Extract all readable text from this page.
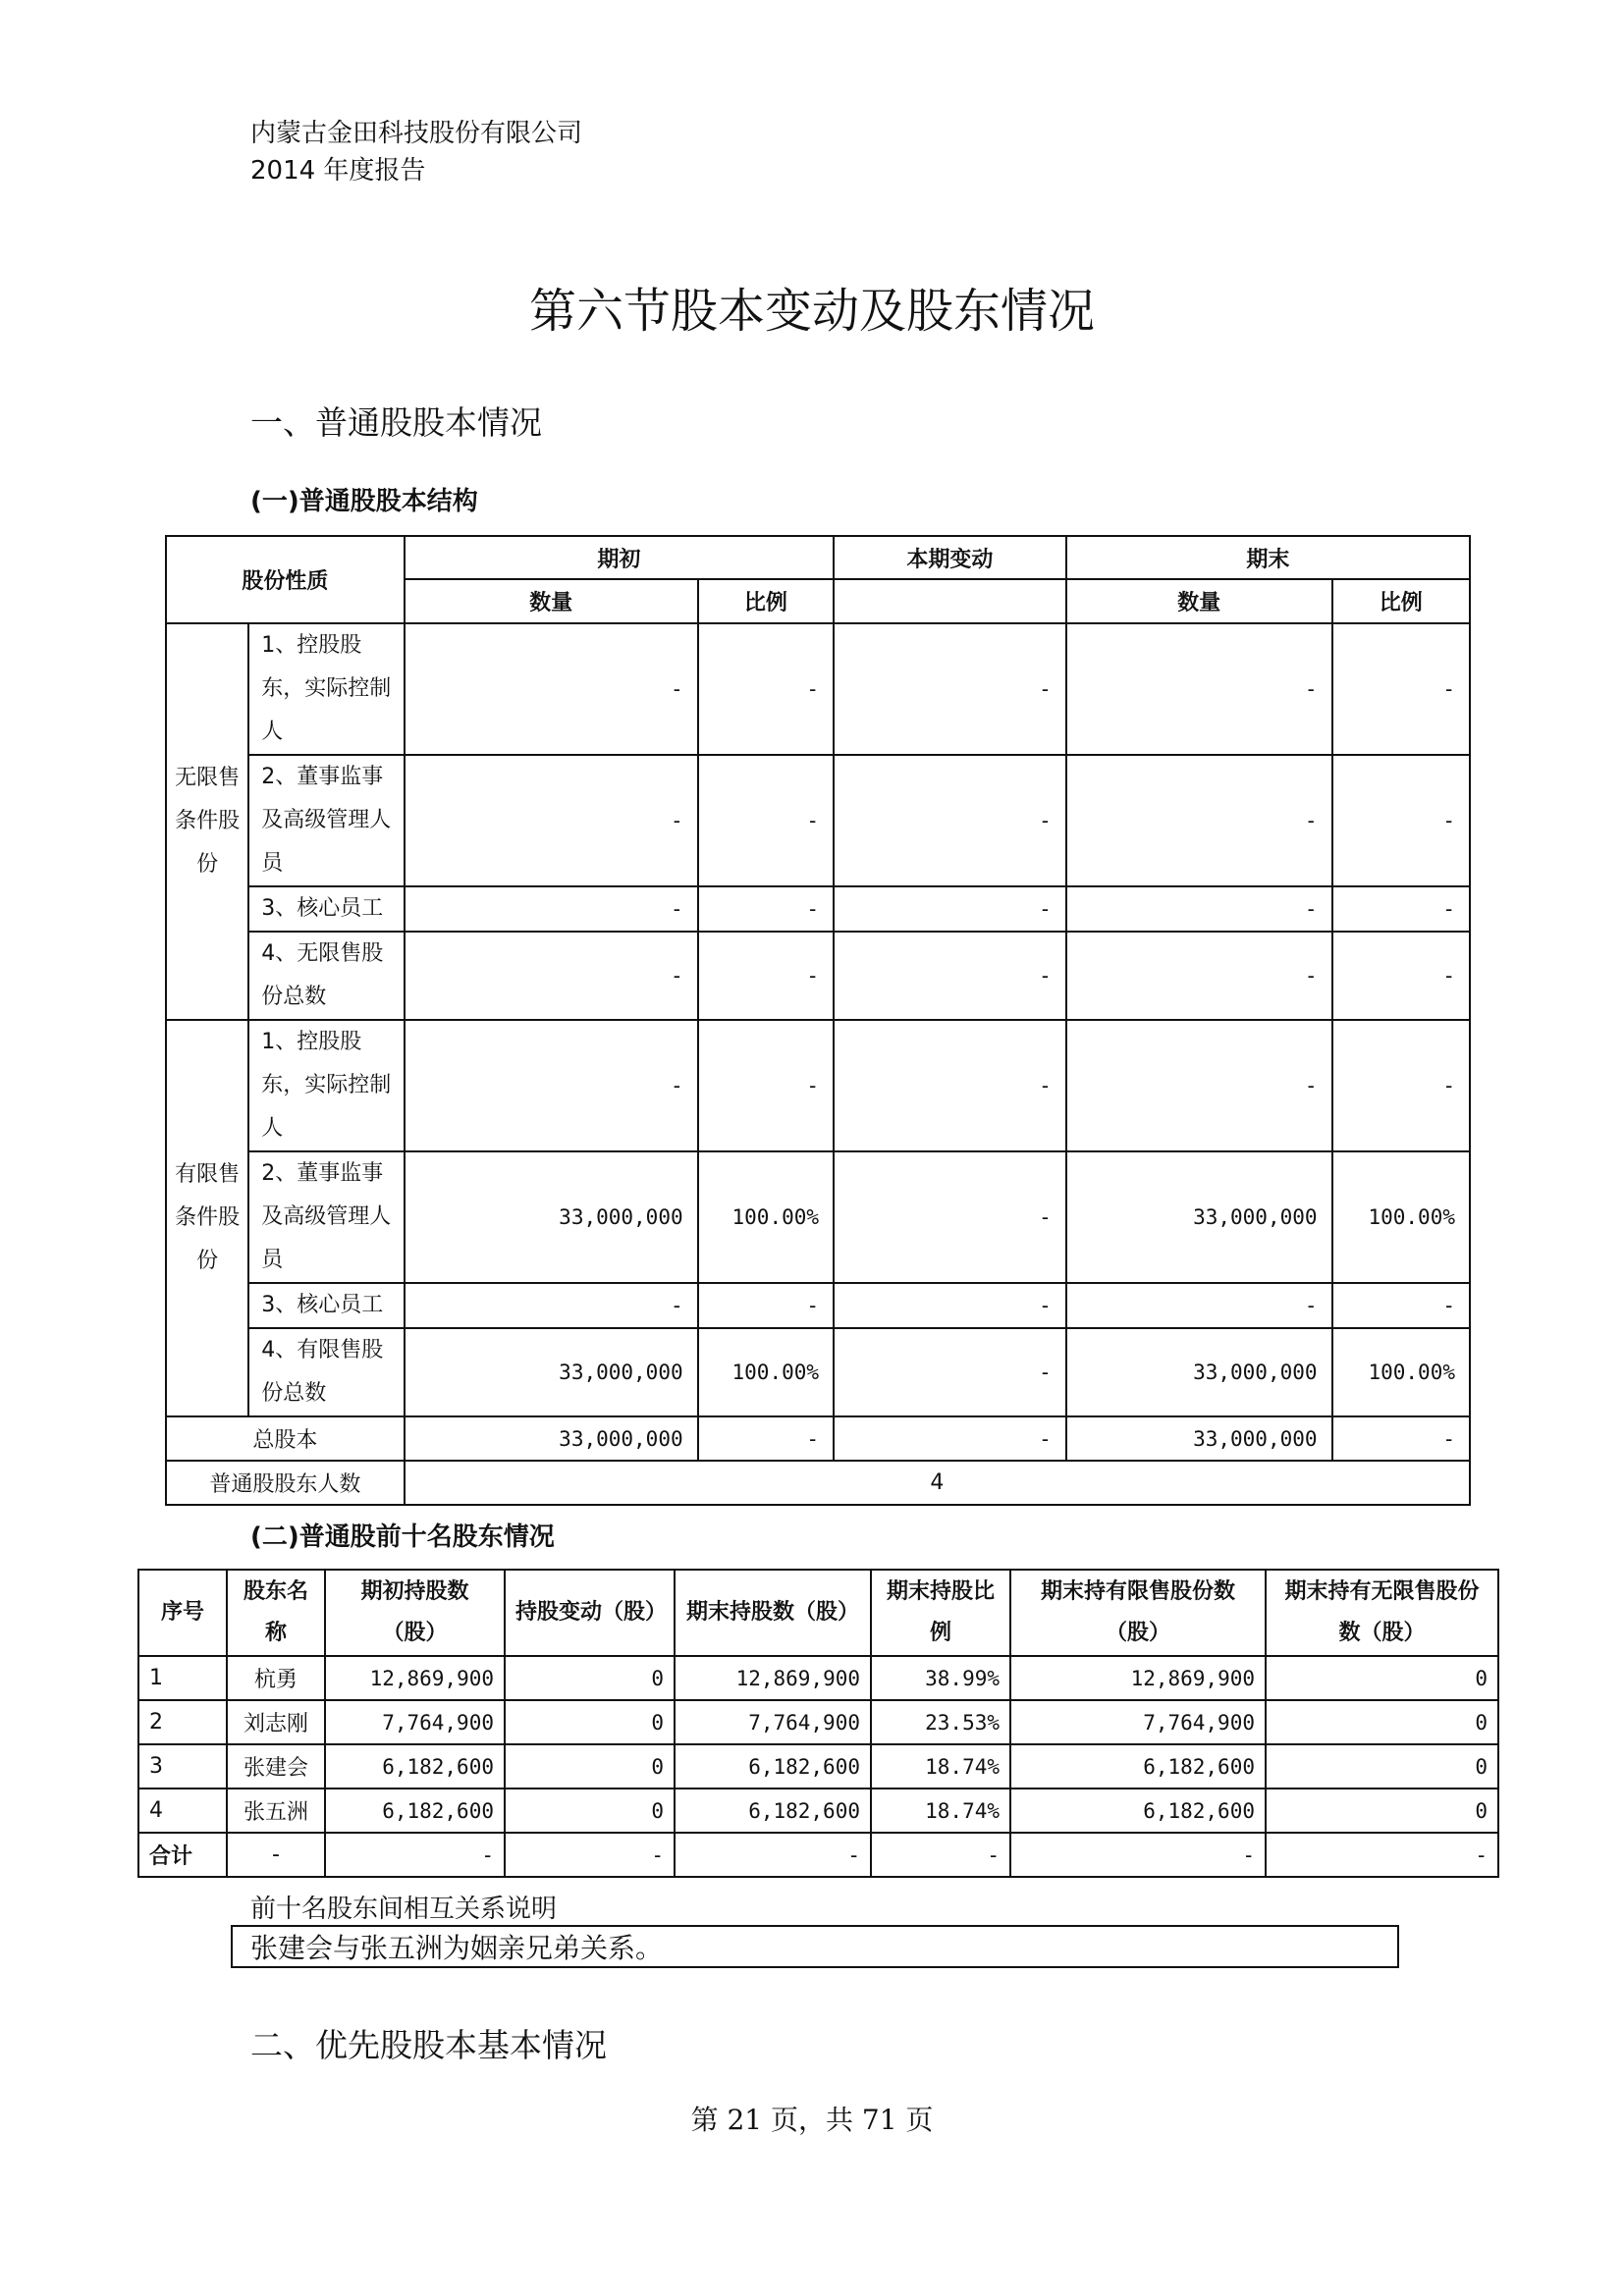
内蒙古金田科技股份有限公司
2014 年度报告
第六节股本变动及股东情况
一、普通股股本情况
(一)普通股股本结构
股份性质		期初		本期变动	期末	
		数量	比例		数量	比例
无限售条件股份	1、控股股东，实际控制人	-	-	-	-	-
	2、董事监事及高级管理人员	-	-	-	-	-
	3、核心员工	-	-	-	-	-
	4、无限售股份总数	-	-	-	-	-
有限售条件股份	1、控股股东，实际控制人	-	-	-	-	-
	2、董事监事及高级管理人员	33,000,000	100.00%	-	33,000,000	100.00%
	3、核心员工	-	-	-	-	-
	4、有限售股份总数	33,000,000	100.00%	-	33,000,000	100.00%
总股本		33,000,000	-	-	33,000,000	-
普通股股东人数		4				
(二)普通股前十名股东情况
序号	股东名称	期初持股数（股）	持股变动（股）	期末持股数（股）	期末持股比例	期末持有限售股份数（股）	期末持有无限售股份数（股）
1	杭勇	12,869,900	0	12,869,900	38.99%	12,869,900	0
2	刘志刚	7,764,900	0	7,764,900	23.53%	7,764,900	0
3	张建会	6,182,600	0	6,182,600	18.74%	6,182,600	0
4	张五洲	6,182,600	0	6,182,600	18.74%	6,182,600	0
合计	-	-	-	-	-	-	-
前十名股东间相互关系说明
张建会与张五洲为姻亲兄弟关系。
二、优先股股本基本情况
第 21 页，共 71 页
